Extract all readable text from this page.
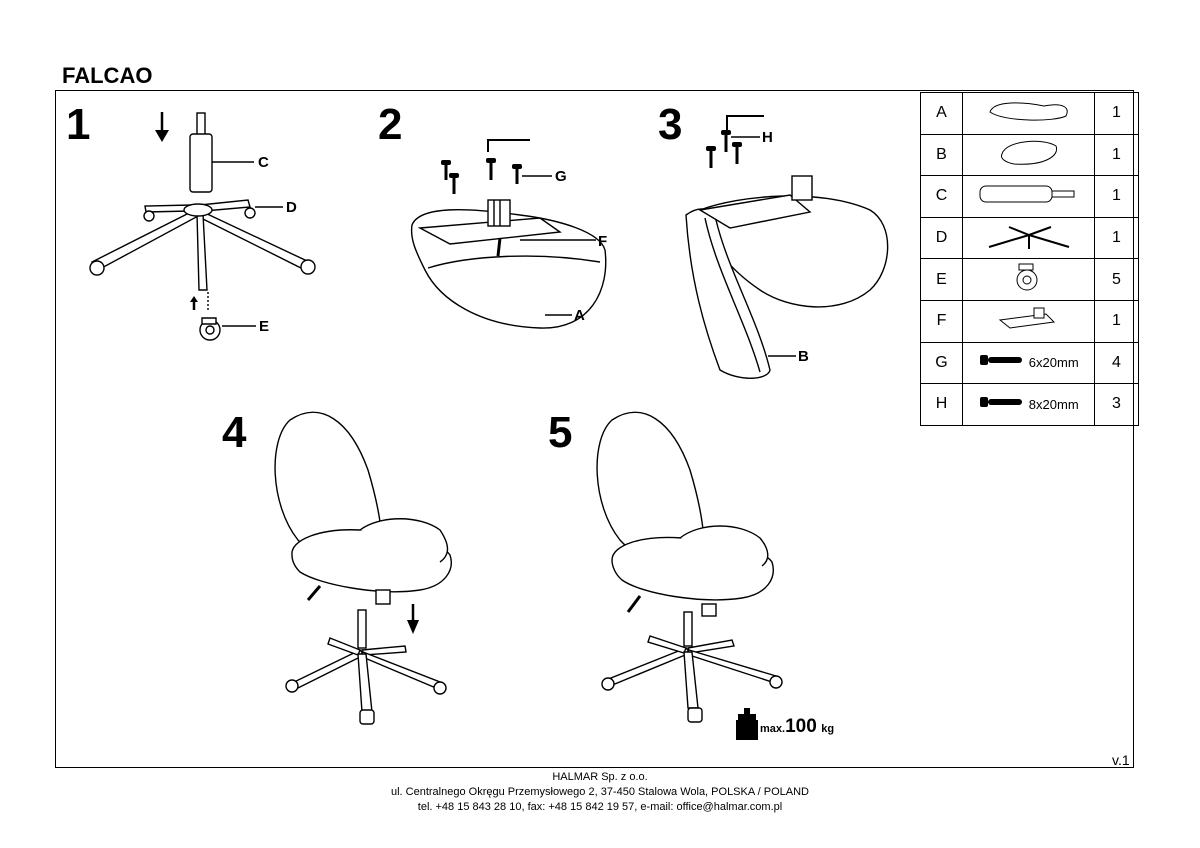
FALCAO
1	2	3
4	5
C
D
E
G
F
A
H
B
max.100 kg
A		1
B		1
C		1
D		1
E		5
F		1
G	6x20mm	4
H	8x20mm	3
v.1
HALMAR Sp. z o.o.
ul. Centralnego Okręgu Przemysłowego 2, 37-450 Stalowa Wola, POLSKA / POLAND
tel. +48 15 843 28 10, fax: +48 15 842 19 57, e-mail: office@halmar.com.pl
